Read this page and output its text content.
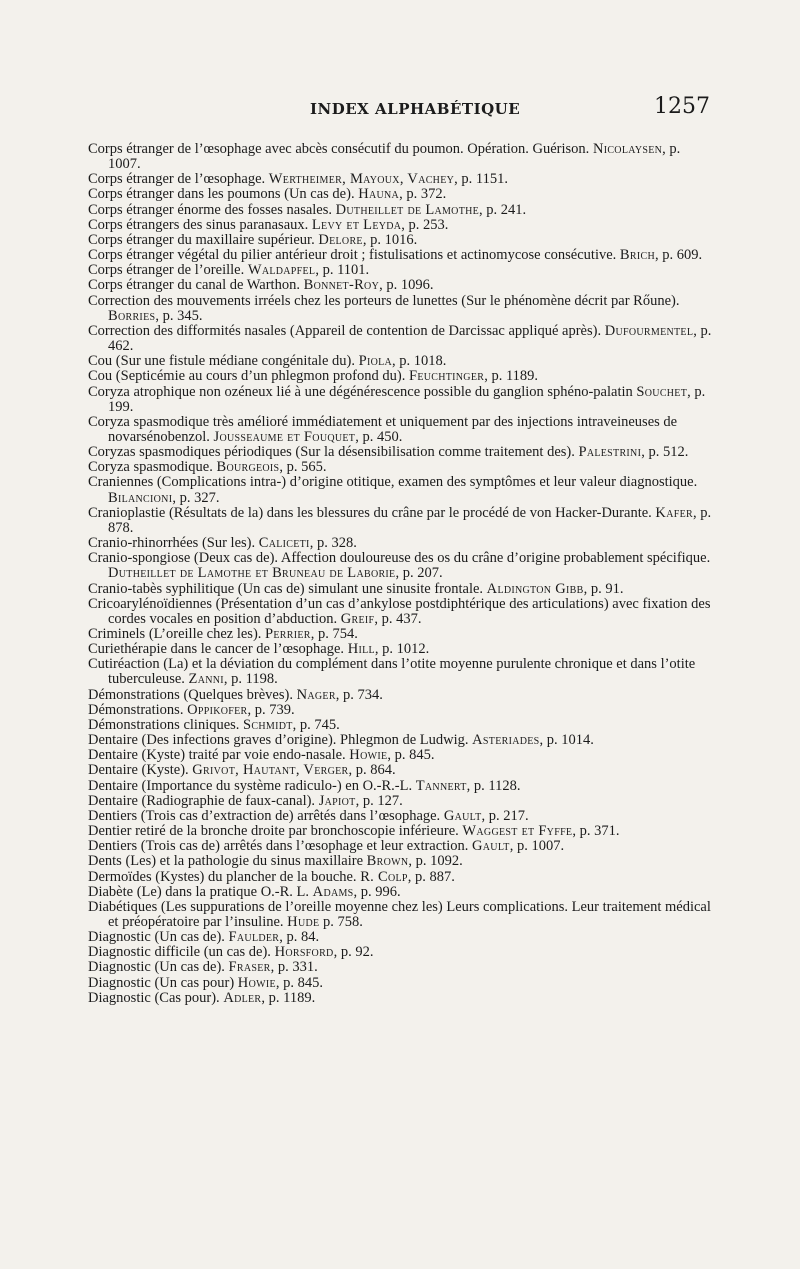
INDEX ALPHABÉTIQUE	1257
Corps étranger de l’œsophage avec abcès consécutif du poumon. Opération. Guérison. Nicolaysen, p. 1007.
Corps étranger de l’œsophage. Wertheimer, Mayoux, Vachey, p. 1151.
Corps étranger dans les poumons (Un cas de). Hauna, p. 372.
Corps étranger énorme des fosses nasales. Dutheillet de Lamothe, p. 241.
Corps étrangers des sinus paranasaux. Levy et Leyda, p. 253.
Corps étranger du maxillaire supérieur. Delore, p. 1016.
Corps étranger végétal du pilier antérieur droit ; fistulisations et actinomycose consécutive. Brich, p. 609.
Corps étranger de l’oreille. Waldapfel, p. 1101.
Corps étranger du canal de Warthon. Bonnet-Roy, p. 1096.
Correction des mouvements irréels chez les porteurs de lunettes (Sur le phénomène décrit par Rőune). Borries, p. 345.
Correction des difformités nasales (Appareil de contention de Darcissac appliqué après). Dufourmentel, p. 462.
Cou (Sur une fistule médiane congénitale du). Piola, p. 1018.
Cou (Septicémie au cours d’un phlegmon profond du). Feuchtinger, p. 1189.
Coryza atrophique non ozéneux lié à une dégénérescence possible du ganglion sphéno-palatin Souchet, p. 199.
Coryza spasmodique très amélioré immédiatement et uniquement par des injections intraveineuses de novarsénobenzol. Jousseaume et Fouquet, p. 450.
Coryzas spasmodiques périodiques (Sur la désensibilisation comme traitement des). Palestrini, p. 512.
Coryza spasmodique. Bourgeois, p. 565.
Craniennes (Complications intra-) d’origine otitique, examen des symptômes et leur valeur diagnostique. Bilancioni, p. 327.
Cranioplastie (Résultats de la) dans les blessures du crâne par le procédé de von Hacker-Durante. Kafer, p. 878.
Cranio-rhinorrhées (Sur les). Caliceti, p. 328.
Cranio-spongiose (Deux cas de). Affection douloureuse des os du crâne d’origine probablement spécifique. Dutheillet de Lamothe et Bruneau de Laborie, p. 207.
Cranio-tabès syphilitique (Un cas de) simulant une sinusite frontale. Aldington Gibb, p. 91.
Cricoarylénoïdiennes (Présentation d’un cas d’ankylose postdiphtérique des articulations) avec fixation des cordes vocales en position d’abduction. Greif, p. 437.
Criminels (L’oreille chez les). Perrier, p. 754.
Curiethérapie dans le cancer de l’œsophage. Hill, p. 1012.
Cutiréaction (La) et la déviation du complément dans l’otite moyenne purulente chronique et dans l’otite tuberculeuse. Zanni, p. 1198.
Démonstrations (Quelques brèves). Nager, p. 734.
Démonstrations. Oppikofer, p. 739.
Démonstrations cliniques. Schmidt, p. 745.
Dentaire (Des infections graves d’origine). Phlegmon de Ludwig. Asteriades, p. 1014.
Dentaire (Kyste) traité par voie endo-nasale. Howie, p. 845.
Dentaire (Kyste). Grivot, Hautant, Verger, p. 864.
Dentaire (Importance du système radiculo-) en O.-R.-L. Tannert, p. 1128.
Dentaire (Radiographie de faux-canal). Japiot, p. 127.
Dentiers (Trois cas d’extraction de) arrêtés dans l’œsophage. Gault, p. 217.
Dentier retiré de la bronche droite par bronchoscopie inférieure. Waggest et Fyffe, p. 371.
Dentiers (Trois cas de) arrêtés dans l’œsophage et leur extraction. Gault, p. 1007.
Dents (Les) et la pathologie du sinus maxillaire Brown, p. 1092.
Dermoïdes (Kystes) du plancher de la bouche. R. Colp, p. 887.
Diabète (Le) dans la pratique O.-R. L. Adams, p. 996.
Diabétiques (Les suppurations de l’oreille moyenne chez les) Leurs complications. Leur traitement médical et préopératoire par l’insuline. Hude p. 758.
Diagnostic (Un cas de). Faulder, p. 84.
Diagnostic difficile (un cas de). Horsford, p. 92.
Diagnostic (Un cas de). Fraser, p. 331.
Diagnostic (Un cas pour) Howie, p. 845.
Diagnostic (Cas pour). Adler, p. 1189.
